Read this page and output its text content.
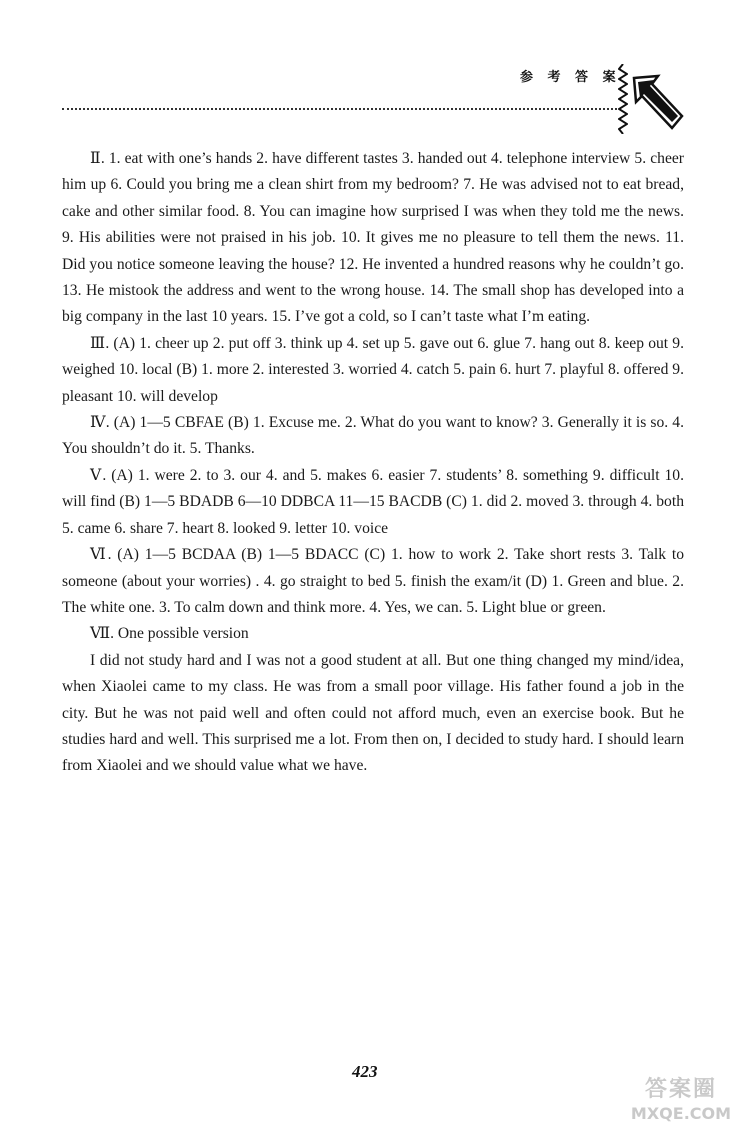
参 考 答 案

Ⅱ. 1. eat with one’s hands 2. have different tastes 3. handed out 4. telephone interview 5. cheer him up 6. Could you bring me a clean shirt from my bedroom? 7. He was advised not to eat bread, cake and other similar food. 8. You can imagine how surprised I was when they told me the news. 9. His abilities were not praised in his job. 10. It gives me no pleasure to tell them the news. 11. Did you notice someone leaving the house? 12. He invented a hundred reasons why he couldn’t go. 13. He mistook the address and went to the wrong house. 14. The small shop has developed into a big company in the last 10 years. 15. I’ve got a cold, so I can’t taste what I’m eating.

Ⅲ. (A) 1. cheer up 2. put off 3. think up 4. set up 5. gave out 6. glue 7. hang out 8. keep out 9. weighed 10. local (B) 1. more 2. interested 3. worried 4. catch 5. pain 6. hurt 7. playful 8. offered 9. pleasant 10. will develop

Ⅳ. (A) 1—5 CBFAE (B) 1. Excuse me. 2. What do you want to know? 3. Generally it is so. 4. You shouldn’t do it. 5. Thanks.

Ⅴ. (A) 1. were 2. to 3. our 4. and 5. makes 6. easier 7. students’ 8. something 9. difficult 10. will find (B) 1—5 BDADB 6—10 DDBCA 11—15 BACDB (C) 1. did 2. moved 3. through 4. both 5. came 6. share 7. heart 8. looked 9. letter 10. voice

Ⅵ. (A) 1—5 BCDAA (B) 1—5 BDACC (C) 1. how to work 2. Take short rests 3. Talk to someone (about your worries) . 4. go straight to bed 5. finish the exam/it (D) 1. Green and blue. 2. The white one. 3. To calm down and think more. 4. Yes, we can. 5. Light blue or green.

Ⅶ. One possible version

I did not study hard and I was not a good student at all. But one thing changed my mind/idea, when Xiaolei came to my class. He was from a small poor village. His father found a job in the city. But he was not paid well and often could not afford much, even an exercise book. But he studies hard and well. This surprised me a lot. From then on, I decided to study hard. I should learn from Xiaolei and we should value what we have.

423
答案圈
MXQE.COM
